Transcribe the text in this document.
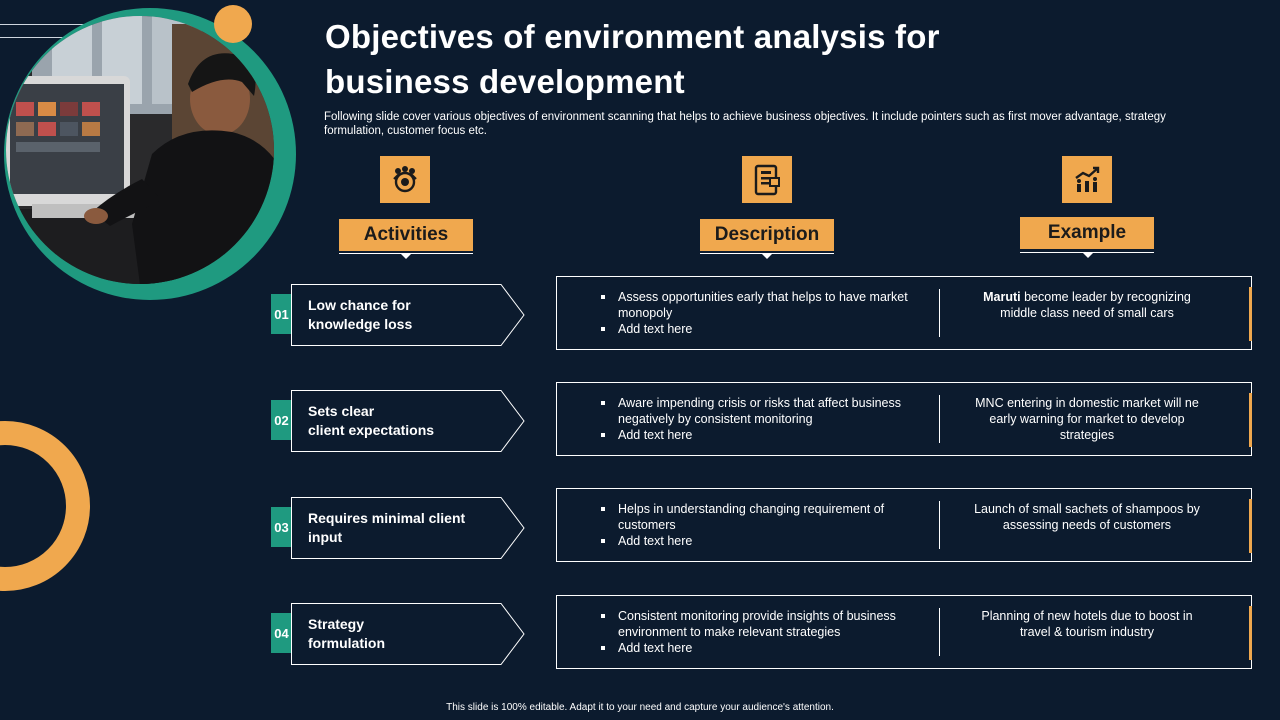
Objectives of environment analysis for
business development
Following slide cover various objectives of environment scanning that helps to achieve business objectives. It include pointers such as first mover advantage, strategy formulation, customer focus etc.
Activities	Description	Example
01
Low chance for
knowledge loss
Assess opportunities early that helps to have market monopoly
Add text here
Maruti become leader by recognizing middle class need of small cars
02
Sets clear
client expectations
Aware impending crisis or risks that affect business negatively by consistent monitoring
Add text here
MNC entering in domestic market will ne early warning for market to develop strategies
03
Requires minimal client
input
Helps in understanding changing requirement of customers
Add text here
Launch of small sachets of shampoos by assessing needs of customers
04
Strategy
formulation
Consistent monitoring provide insights of business environment to make relevant strategies
Add text here
Planning of new hotels due to boost in travel & tourism industry
This slide is 100% editable. Adapt it to your need and capture your audience's attention.
